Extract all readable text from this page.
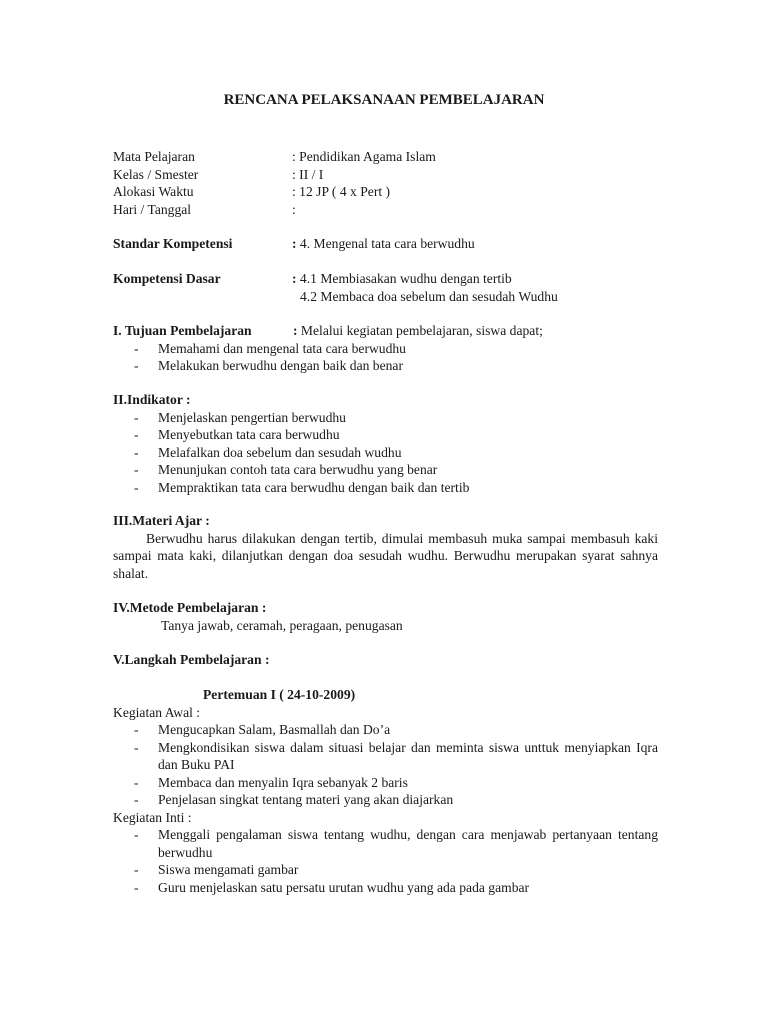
RENCANA PELAKSANAAN PEMBELAJARAN
Mata Pelajaran	: Pendidikan Agama Islam
Kelas / Smester	: II / I
Alokasi Waktu	: 12 JP ( 4 x Pert )
Hari / Tanggal	:
Standar Kompetensi	: 4. Mengenal tata cara berwudhu
Kompetensi Dasar	: 4.1 Membiasakan wudhu dengan tertib
4.2 Membaca doa sebelum dan sesudah Wudhu
I. Tujuan Pembelajaran	: Melalui kegiatan pembelajaran, siswa dapat;
- Memahami dan mengenal tata cara berwudhu
- Melakukan berwudhu dengan baik dan benar
II.Indikator :
- Menjelaskan pengertian berwudhu
- Menyebutkan tata cara berwudhu
- Melafalkan doa sebelum dan sesudah wudhu
- Menunjukan contoh tata cara berwudhu yang benar
- Mempraktikan tata cara berwudhu dengan baik dan tertib
III.Materi Ajar :
Berwudhu harus dilakukan dengan tertib, dimulai membasuh muka sampai membasuh kaki sampai mata kaki, dilanjutkan dengan doa sesudah wudhu. Berwudhu merupakan syarat sahnya shalat.
IV.Metode Pembelajaran :
Tanya jawab, ceramah, peragaan, penugasan
V.Langkah Pembelajaran :
Pertemuan I ( 24-10-2009)
Kegiatan Awal :
- Mengucapkan Salam, Basmallah dan Do’a
- Mengkondisikan siswa dalam situasi belajar dan meminta siswa unttuk menyiapkan Iqra dan Buku PAI
- Membaca dan menyalin Iqra sebanyak 2 baris
- Penjelasan singkat tentang materi yang akan diajarkan
Kegiatan Inti :
- Menggali pengalaman siswa tentang wudhu, dengan cara menjawab pertanyaan tentang berwudhu
- Siswa mengamati gambar
- Guru menjelaskan satu persatu urutan wudhu yang ada pada gambar
